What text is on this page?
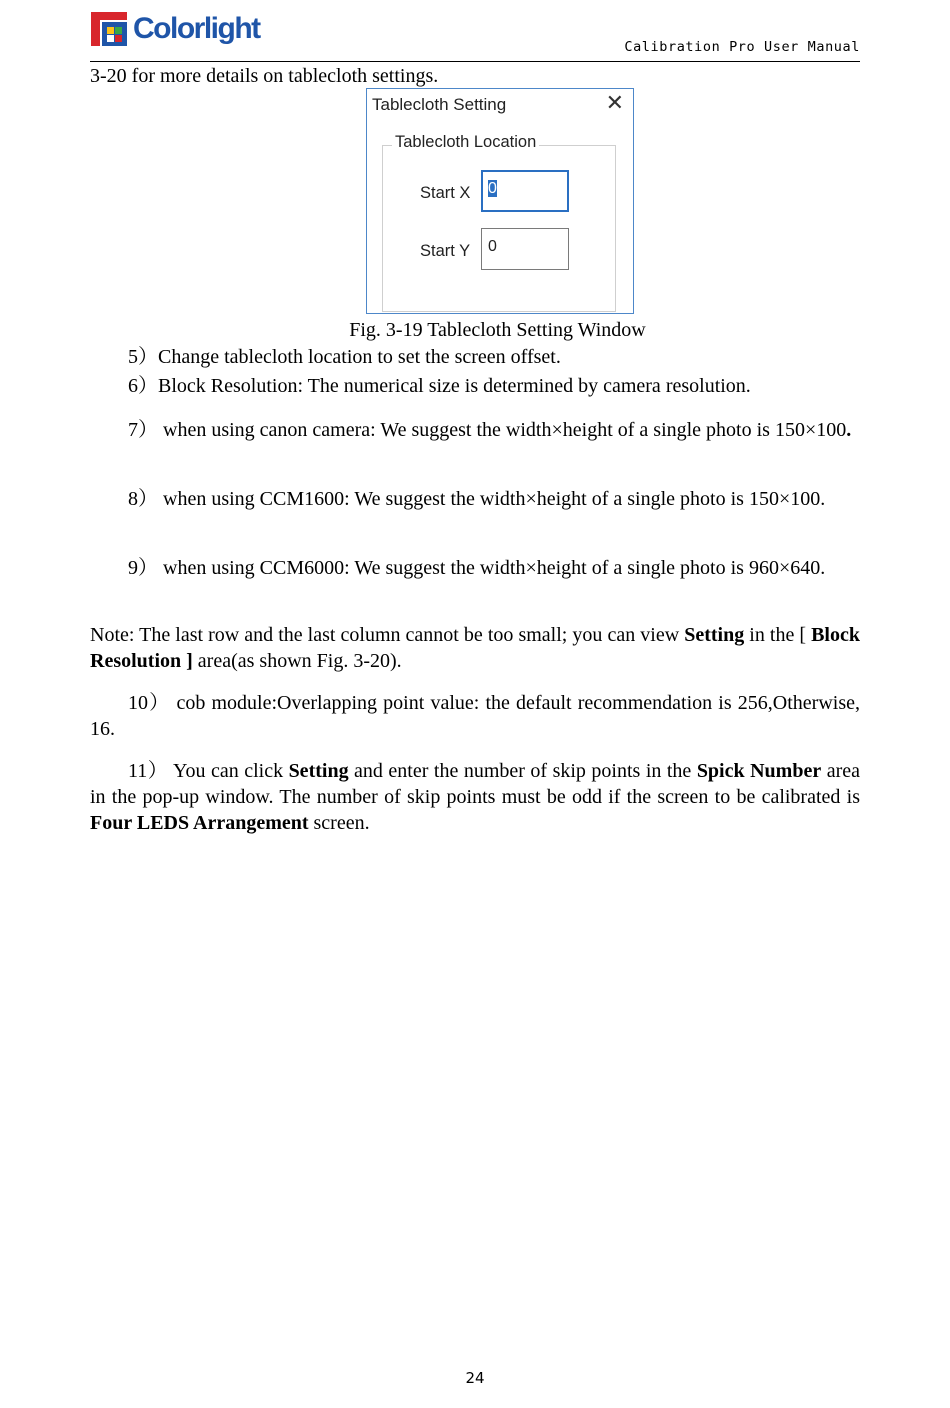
Colorlight
Calibration Pro User Manual
3-20 for more details on tablecloth settings.
Tablecloth Setting	✕
Tablecloth Location
Start X	0
Start Y	0
Fig. 3-19 Tablecloth Setting Window
5）Change tablecloth location to set the screen offset.
6）Block Resolution: The numerical size is determined by camera resolution.
7） when using canon camera: We suggest the width×height of a single photo is 150×100.
8） when using CCM1600: We suggest the width×height of a single photo is 150×100.
9） when using CCM6000: We suggest the width×height of a single photo is 960×640.
Note: The last row and the last column cannot be too small; you can view Setting in the [ Block Resolution ] area(as shown Fig. 3-20).
10） cob module:Overlapping point value: the default recommendation is 256,Otherwise, 16.
11） You can click Setting and enter the number of skip points in the Spick Number area in the pop-up window. The number of skip points must be odd if the screen to be calibrated is Four LEDS Arrangement screen.
24
